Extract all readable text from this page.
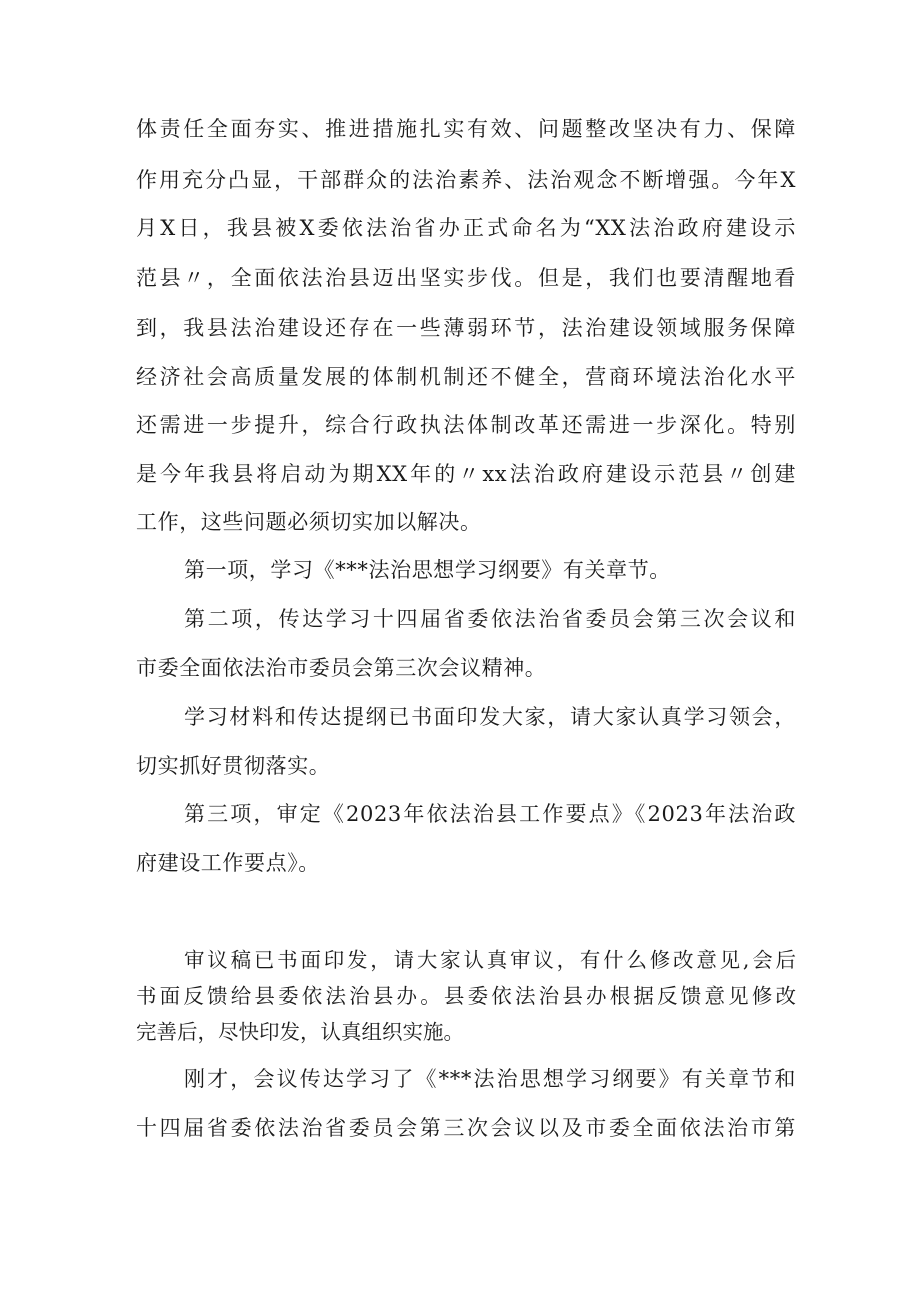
体责任全面夯实、推进措施扎实有效、问题整改坚决有力、保障
作用充分凸显，干部群众的法治素养、法治观念不断增强。今年X
月X日，我县被X委依法治省办正式命名为“XX法治政府建设示
范县〃，全面依法治县迈出坚实步伐。但是，我们也要清醒地看
到，我县法治建设还存在一些薄弱环节，法治建设领域服务保障
经济社会高质量发展的体制机制还不健全，营商环境法治化水平
还需进一步提升，综合行政执法体制改革还需进一步深化。特别
是今年我县将启动为期XX年的〃xx法治政府建设示范县〃创建
工作，这些问题必须切实加以解决。
第一项，学习《***法治思想学习纲要》有关章节。
第二项，传达学习十四届省委依法治省委员会第三次会议和
市委全面依法治市委员会第三次会议精神。
学习材料和传达提纲已书面印发大家，请大家认真学习领会，
切实抓好贯彻落实。
第三项，审定《2023年依法治县工作要点》《2023年法治政
府建设工作要点》。
审议稿已书面印发，请大家认真审议，有什么修改意见,会后
书面反馈给县委依法治县办。县委依法治县办根据反馈意见修改
完善后，尽快印发，认真组织实施。
刚才，会议传达学习了《***法治思想学习纲要》有关章节和
十四届省委依法治省委员会第三次会议以及市委全面依法治市第
